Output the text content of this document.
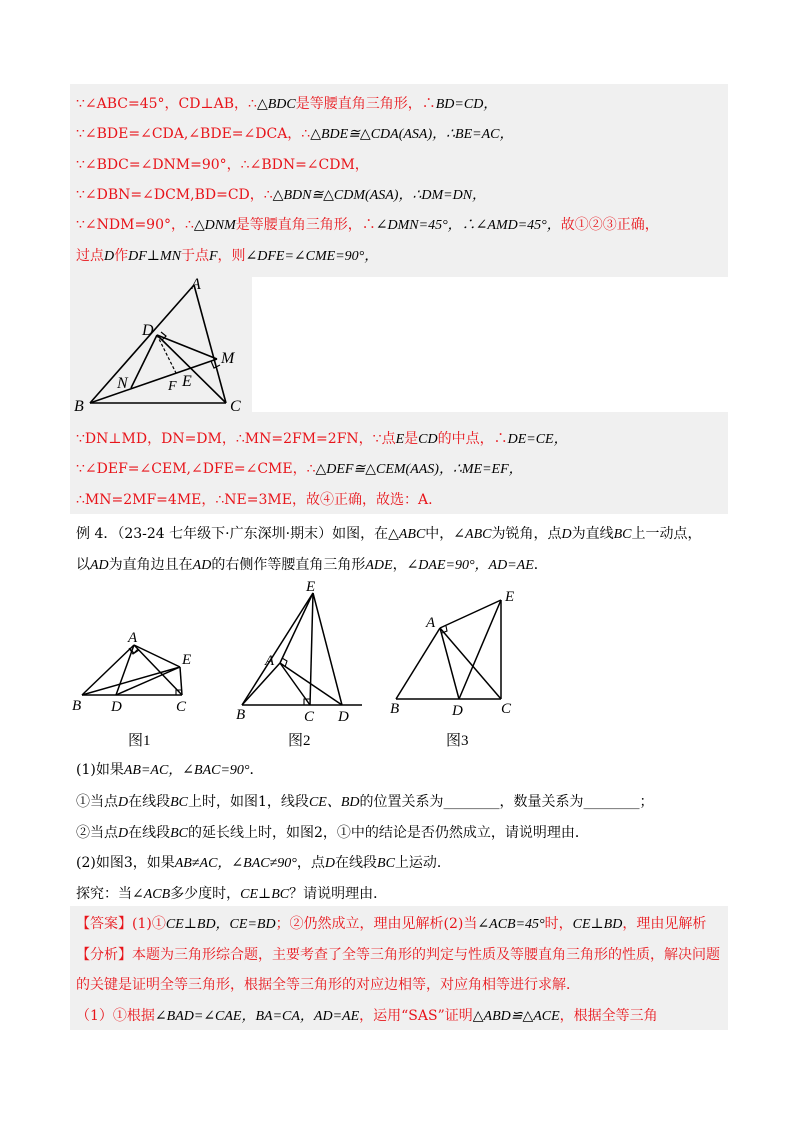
∵∠ABC=45°，CD⊥AB，∴△BDC是等腰直角三角形，∴BD=CD，
∵∠BDE=∠CDA,∠BDE=∠DCA，∴△BDE≅△CDA(ASA)，∴BE=AC，
∵∠BDC=∠DNM=90°，∴∠BDN=∠CDM，
∵∠DBN=∠DCM,BD=CD，∴△BDN≅△CDM(ASA)，∴DM=DN，
∵∠NDM=90°，∴△DNM是等腰直角三角形，∴∠DMN=45°，∴∠AMD=45°，故①②③正确，
过点D作DF⊥MN于点F，则∠DFE=∠CME=90°，
A
D
M
N	F E
B	C
∵DN⊥MD，DN=DM，∴MN=2FM=2FN，∵点E是CD的中点，∴DE=CE，
∵∠DEF=∠CEM,∠DFE=∠CME，∴△DEF≅△CEM(AAS)，∴ME=EF，
∴MN=2MF=4ME，∴NE=3ME，故④正确，故选：A.
例 4．（23-24 七年级下·广东深圳·期末）如图，在△ABC中，∠ABC为锐角，点D为直线BC上一动点，
以AD为直角边且在AD的右侧作等腰直角三角形ADE，∠DAE=90°，AD=AE．
A
E
B D	C
图1
E
A
B	C D
图2
A
E
B	D	C
图3
(1)如果AB=AC，∠BAC=90°．
①当点D在线段BC上时，如图1，线段CE、BD的位置关系为________，数量关系为________；
②当点D在线段BC的延长线上时，如图2，①中的结论是否仍然成立，请说明理由．
(2)如图3，如果AB≠AC，∠BAC≠90°，点D在线段BC上运动．
探究：当∠ACB多少度时，CE⊥BC？请说明理由．
【答案】(1)①CE⊥BD，CE=BD；②仍然成立，理由见解析(2)当∠ACB=45°时，CE⊥BD，理由见解析
【分析】本题为三角形综合题，主要考查了全等三角形的判定与性质及等腰直角三角形的性质，解决问题
的关键是证明全等三角形，根据全等三角形的对应边相等，对应角相等进行求解．
（1）①根据∠BAD=∠CAE，BA=CA，AD=AE，运用“SAS”证明△ABD≌△ACE，根据全等三角
